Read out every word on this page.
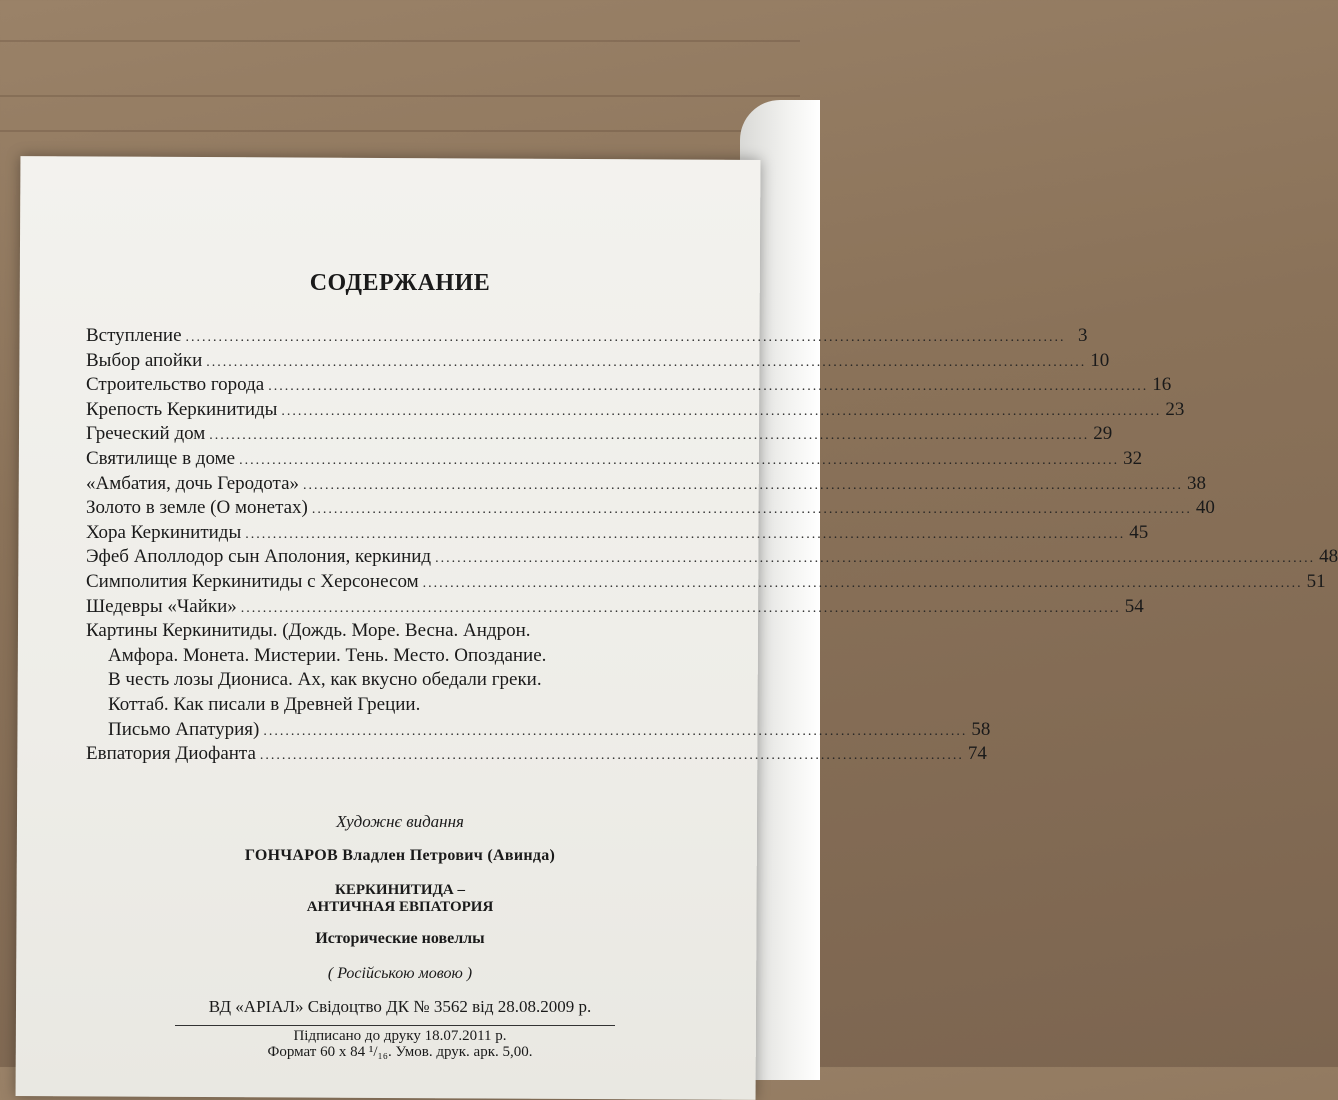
СОДЕРЖАНИЕ
Вступление ................................................................................................................................................................ 3
Выбор апойки ................................................................................................................................................................ 10
Строительство города ................................................................................................................................................................ 16
Крепость Керкинитиды ................................................................................................................................................................ 23
Греческий дом ................................................................................................................................................................ 29
Святилище в доме ................................................................................................................................................................ 32
«Амбатия, дочь Геродота» ................................................................................................................................................................ 38
Золото в земле (О монетах) ................................................................................................................................................................ 40
Хора Керкинитиды ................................................................................................................................................................ 45
Эфеб Аполлодор сын Аполония, керкинид ................................................................................................................................................................ 48
Симполития Керкинитиды с Херсонесом ................................................................................................................................................................ 51
Шедевры «Чайки» ................................................................................................................................................................ 54
Картины Керкинитиды. (Дождь. Море. Весна. Андрон.
Амфора. Монета. Мистерии. Тень. Место. Опоздание.
В честь лозы Диониса. Ах, как вкусно обедали греки.
Коттаб. Как писали в Древней Греции.
Письмо Апатурия) ................................................................................................................................ 58
Евпатория Диофанта ................................................................................................................................ 74
Художнє видання
ГОНЧАРОВ Владлен Петрович (Авинда)
КЕРКИНИТИДА –
АНТИЧНАЯ ЕВПАТОРИЯ
Исторические новеллы
( Російською мовою )
ВД «АРІАЛ» Свідоцтво ДК № 3562 від 28.08.2009 р.
Підписано до друку 18.07.2011 р.
Формат 60 х 84 ¹/₁₆. Умов. друк. арк. 5,00.
